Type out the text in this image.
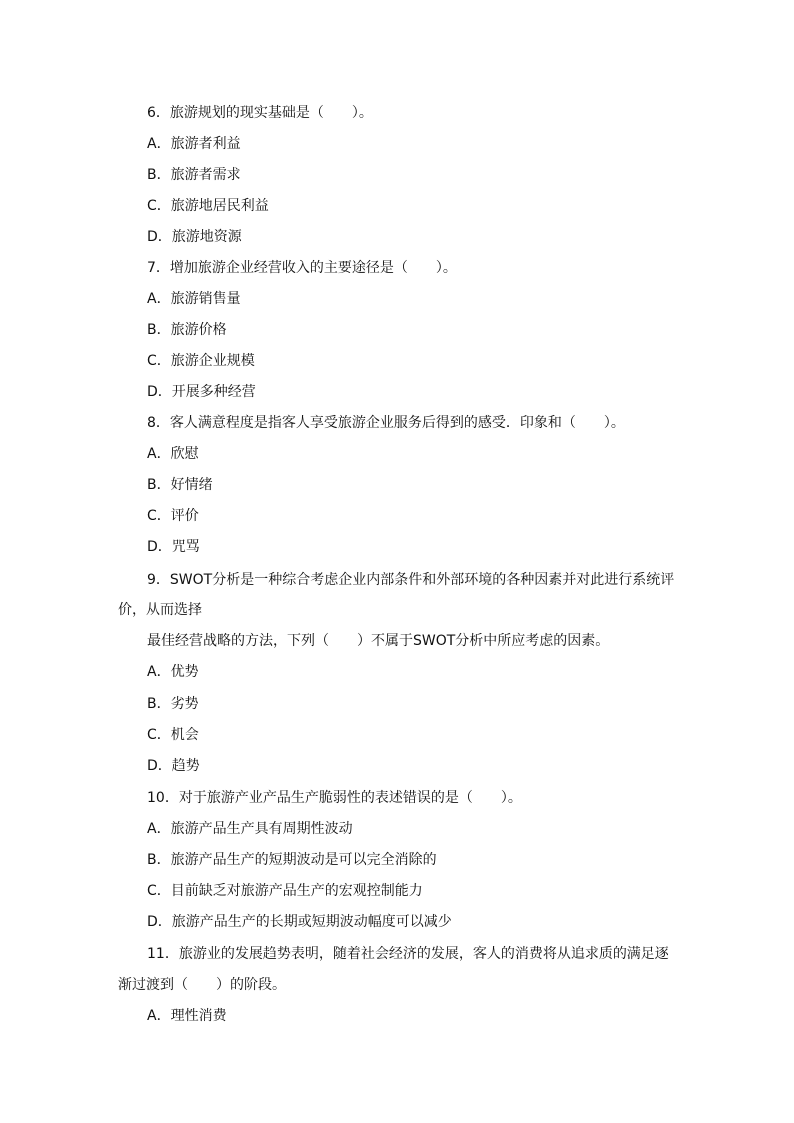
6．旅游规划的现实基础是（　　）。
A．旅游者利益
B．旅游者需求
C．旅游地居民利益
D．旅游地资源
7．增加旅游企业经营收入的主要途径是（　　）。
A．旅游销售量
B．旅游价格
C．旅游企业规模
D．开展多种经营
8．客人满意程度是指客人享受旅游企业服务后得到的感受．印象和（　　）。
A．欣慰
B．好情绪
C．评价
D．咒骂
9．SWOT分析是一种综合考虑企业内部条件和外部环境的各种因素并对此进行系统评
价，从而选择
最佳经营战略的方法，下列（　　）不属于SWOT分析中所应考虑的因素。
A．优势
B．劣势
C．机会
D．趋势
10．对于旅游产业产品生产脆弱性的表述错误的是（　　）。
A．旅游产品生产具有周期性波动
B．旅游产品生产的短期波动是可以完全消除的
C．目前缺乏对旅游产品生产的宏观控制能力
D．旅游产品生产的长期或短期波动幅度可以减少
11．旅游业的发展趋势表明，随着社会经济的发展，客人的消费将从追求质的满足逐
渐过渡到（　　）的阶段。
A．理性消费
